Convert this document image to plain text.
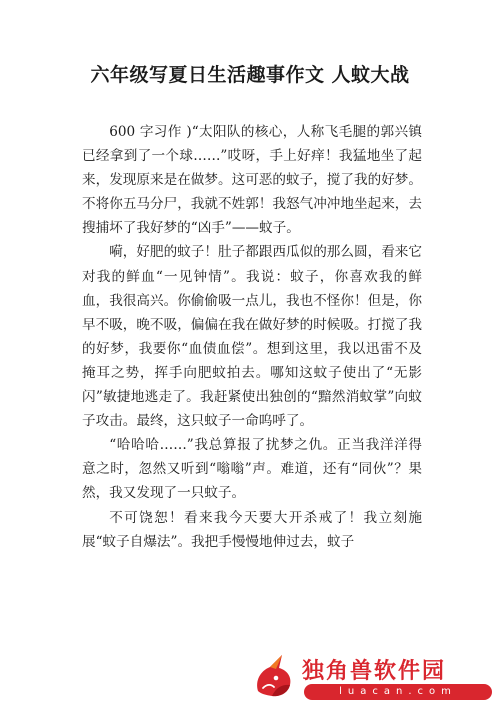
六年级写夏日生活趣事作文 人蚊大战

600 字习作 )“太阳队的核心，人称飞毛腿的郭兴镇已经拿到了一个球……”哎呀，手上好痒！我猛地坐了起来，发现原来是在做梦。这可恶的蚊子，搅了我的好梦。不将你五马分尸，我就不姓郭！我怒气冲冲地坐起来，去搜捕坏了我好梦的“凶手”——蚊子。

嗬，好肥的蚊子！肚子都跟西瓜似的那么圆，看来它对我的鲜血“一见钟情”。我说：蚊子，你喜欢我的鲜血，我很高兴。你偷偷吸一点儿，我也不怪你！但是，你早不吸，晚不吸，偏偏在我在做好梦的时候吸。打搅了我的好梦，我要你“血债血偿”。想到这里，我以迅雷不及掩耳之势，挥手向肥蚊拍去。哪知这蚊子使出了“无影闪”敏捷地逃走了。我赶紧使出独创的“黯然消蚊掌”向蚊子攻击。最终，这只蚊子一命呜呼了。

“哈哈哈……”我总算报了扰梦之仇。正当我洋洋得意之时，忽然又听到“嗡嗡”声。难道，还有“同伙”？果然，我又发现了一只蚊子。

不可饶恕！看来我今天要大开杀戒了！我立刻施展“蚊子自爆法”。我把手慢慢地伸过去，蚊子

独角兽软件园
luacan.com
